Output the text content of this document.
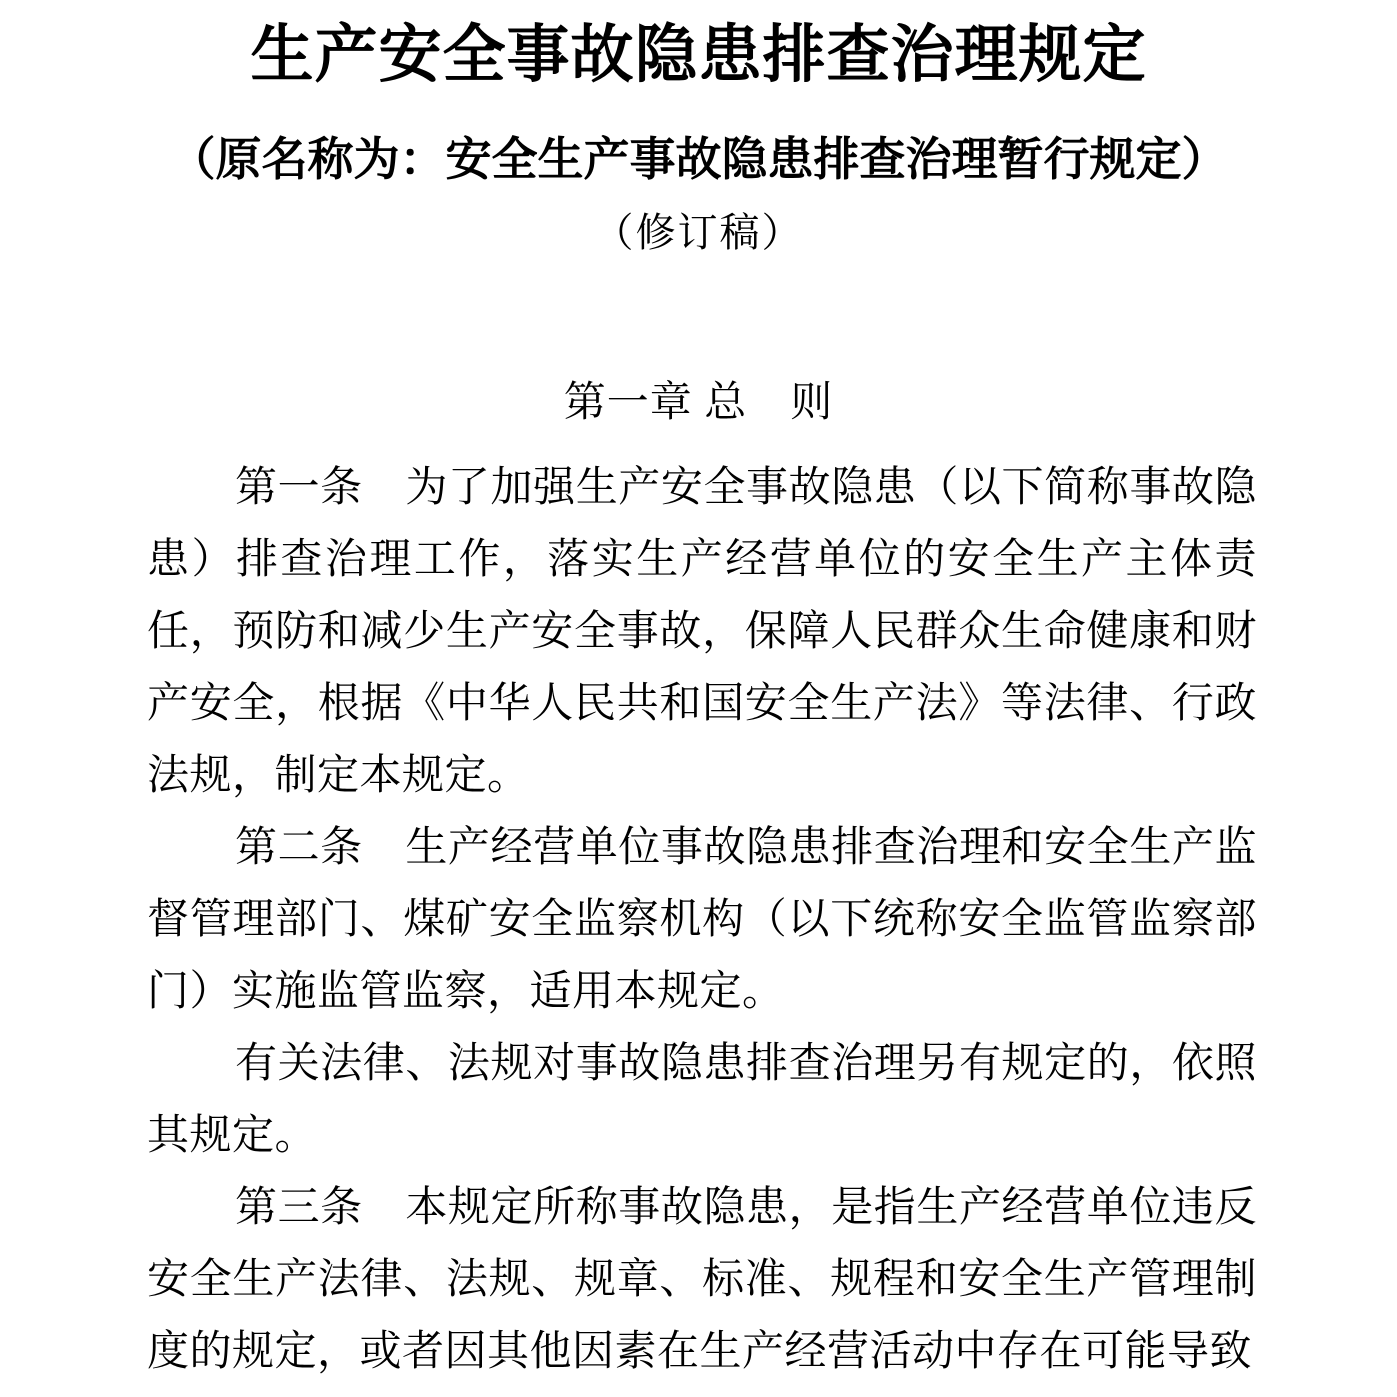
生产安全事故隐患排查治理规定
（原名称为：安全生产事故隐患排查治理暂行规定）
（修订稿）
第一章 总　则

第一条　为了加强生产安全事故隐患（以下简称事故隐患）排查治理工作，落实生产经营单位的安全生产主体责任，预防和减少生产安全事故，保障人民群众生命健康和财产安全，根据《中华人民共和国安全生产法》等法律、行政法规，制定本规定。

第二条　生产经营单位事故隐患排查治理和安全生产监督管理部门、煤矿安全监察机构（以下统称安全监管监察部门）实施监管监察，适用本规定。

有关法律、法规对事故隐患排查治理另有规定的，依照其规定。

第三条　本规定所称事故隐患，是指生产经营单位违反安全生产法律、法规、规章、标准、规程和安全生产管理制度的规定，或者因其他因素在生产经营活动中存在可能导致
